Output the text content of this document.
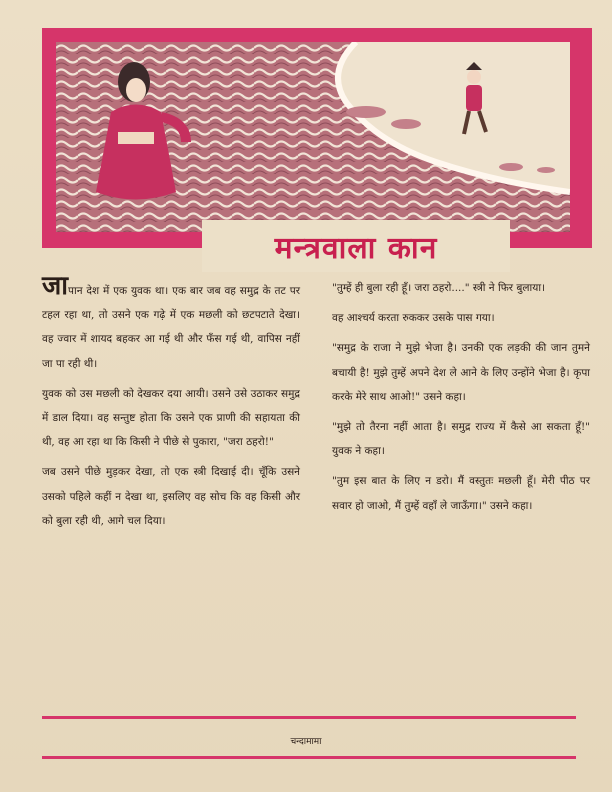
मन्त्रवाला कान

जापान देश में एक युवक था। एक बार जब वह समुद्र के तट पर टहल रहा था, तो उसने एक गढ़े में एक मछली को छटपटाते देखा। वह ज्वार में शायद बहकर आ गई थी और फँस गई थी, वापिस नहीं जा पा रही थी।

युवक को उस मछली को देखकर दया आयी। उसने उसे उठाकर समुद्र में डाल दिया। वह सन्तुष्ट होता कि उसने एक प्राणी की सहायता की थी, वह आ रहा था कि किसी ने पीछे से पुकारा, "जरा ठहरो!"

जब उसने पीछे मुड़कर देखा, तो एक स्त्री दिखाई दी। चूँकि उसने उसको पहिले कहीं न देखा था, इसलिए वह सोच कि वह किसी और को बुला रही थी, आगे चल दिया।

"तुम्हें ही बुला रही हूँ। जरा ठहरो...." स्त्री ने फिर बुलाया।

वह आश्चर्य करता रुककर उसके पास गया।

"समुद्र के राजा ने मुझे भेजा है। उनकी एक लड़की की जान तुमने बचायी है! मुझे तुम्हें अपने देश ले आने के लिए उन्होंने भेजा है। कृपा करके मेरे साथ आओ!" उसने कहा।

"मुझे तो तैरना नहीं आता है। समुद्र राज्य में कैसे आ सकता हूँ!" युवक ने कहा।

"तुम इस बात के लिए न डरो। मैं वस्तुतः मछली हूँ। मेरी पीठ पर सवार हो जाओ, मैं तुम्हें वहाँ ले जाऊँगा।" उसने कहा।

चन्दामामा
